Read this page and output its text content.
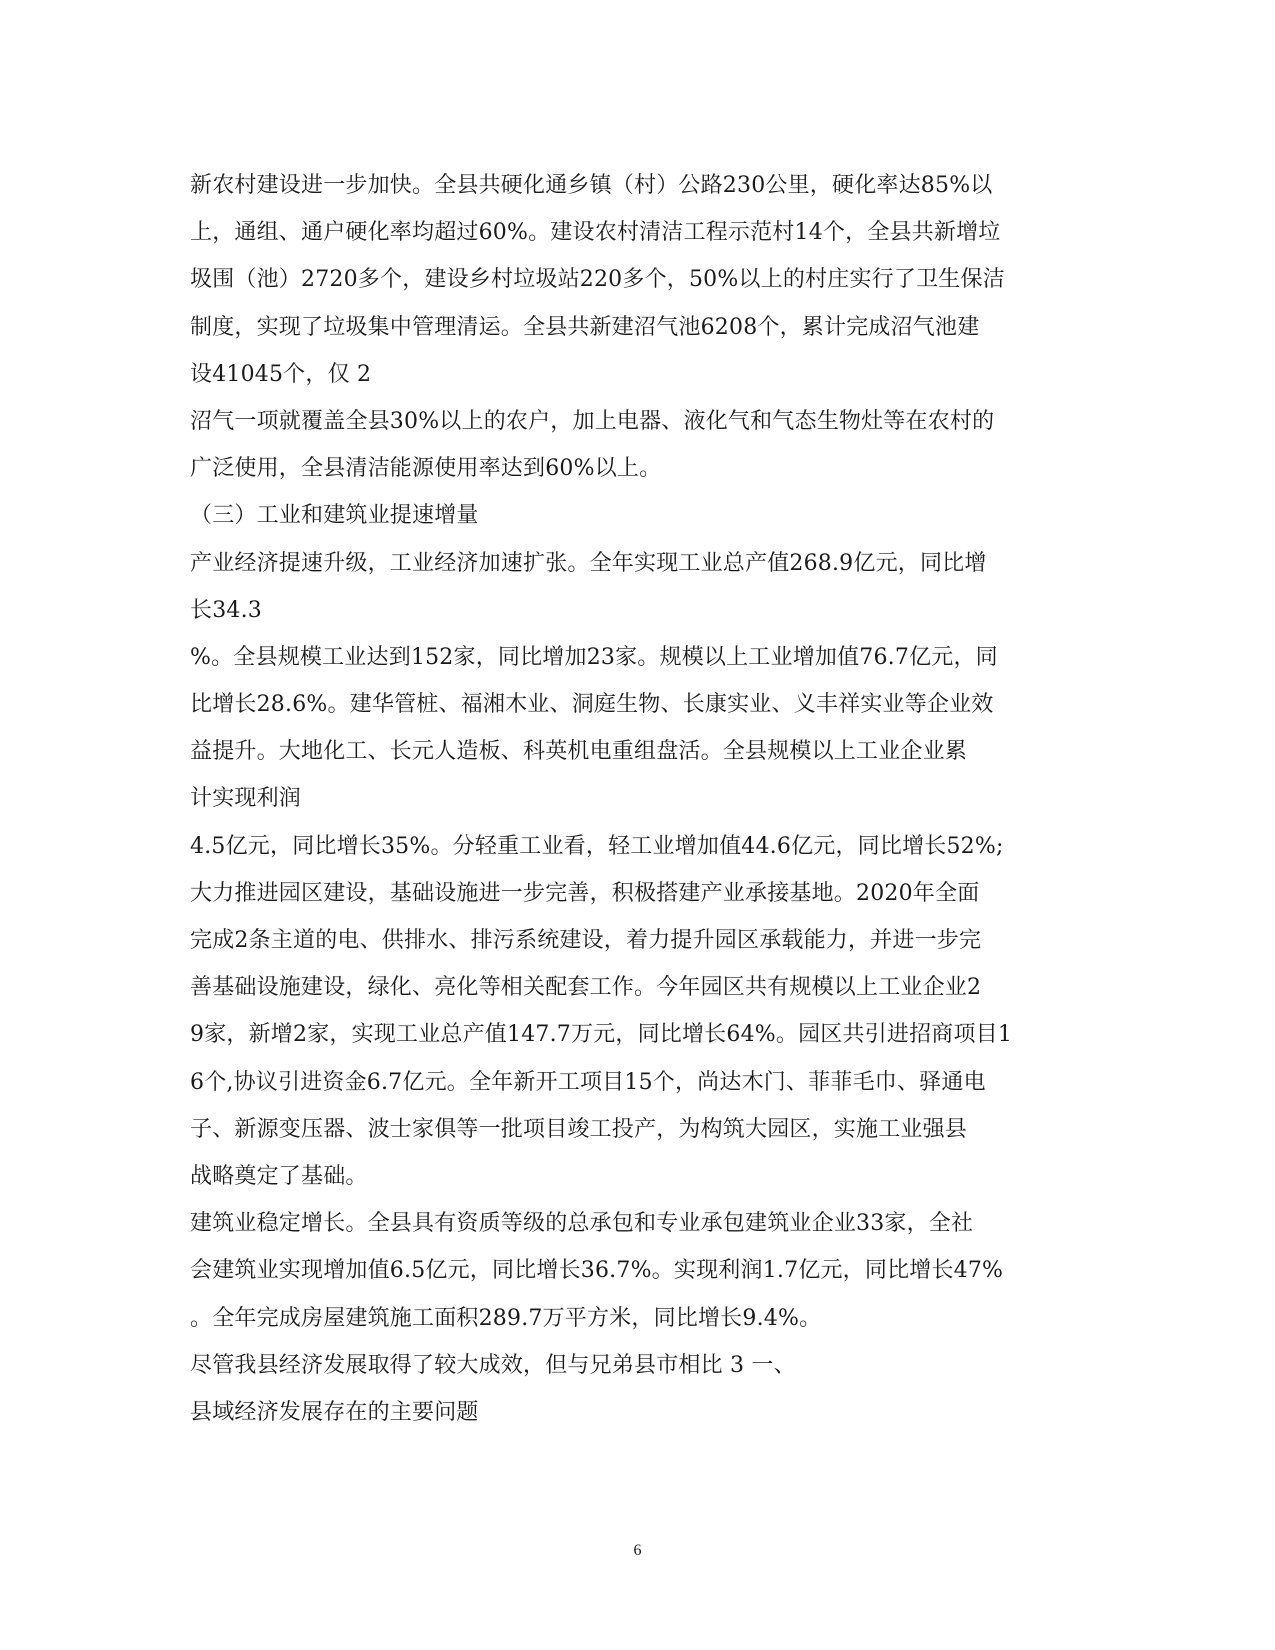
新农村建设进一步加快。全县共硬化通乡镇（村）公路230公里，硬化率达85%以
上，通组、通户硬化率均超过60%。建设农村清洁工程示范村14个，全县共新增垃
圾围（池）2720多个，建设乡村垃圾站220多个，50%以上的村庄实行了卫生保洁
制度，实现了垃圾集中管理清运。全县共新建沼气池6208个，累计完成沼气池建
设41045个，仅 2
沼气一项就覆盖全县30%以上的农户，加上电器、液化气和气态生物灶等在农村的
广泛使用，全县清洁能源使用率达到60%以上。
（三）工业和建筑业提速增量
产业经济提速升级，工业经济加速扩张。全年实现工业总产值268.9亿元，同比增
长34.3
%。全县规模工业达到152家，同比增加23家。规模以上工业增加值76.7亿元，同
比增长28.6%。建华管桩、福湘木业、洞庭生物、长康实业、义丰祥实业等企业效
益提升。大地化工、长元人造板、科英机电重组盘活。全县规模以上工业企业累
计实现利润
4.5亿元，同比增长35%。分轻重工业看，轻工业增加值44.6亿元，同比增长52%;
大力推进园区建设，基础设施进一步完善，积极搭建产业承接基地。2020年全面
完成2条主道的电、供排水、排污系统建设，着力提升园区承载能力，并进一步完
善基础设施建设，绿化、亮化等相关配套工作。今年园区共有规模以上工业企业2
9家，新增2家，实现工业总产值147.7万元，同比增长64%。园区共引进招商项目1
6个,协议引进资金6.7亿元。全年新开工项目15个，尚达木门、菲菲毛巾、驿通电
子、新源变压器、波士家俱等一批项目竣工投产，为构筑大园区，实施工业强县
战略奠定了基础。
建筑业稳定增长。全县具有资质等级的总承包和专业承包建筑业企业33家，全社
会建筑业实现增加值6.5亿元，同比增长36.7%。实现利润1.7亿元，同比增长47%
。全年完成房屋建筑施工面积289.7万平方米，同比增长9.4%。
尽管我县经济发展取得了较大成效，但与兄弟县市相比 3 一、
县域经济发展存在的主要问题
6
